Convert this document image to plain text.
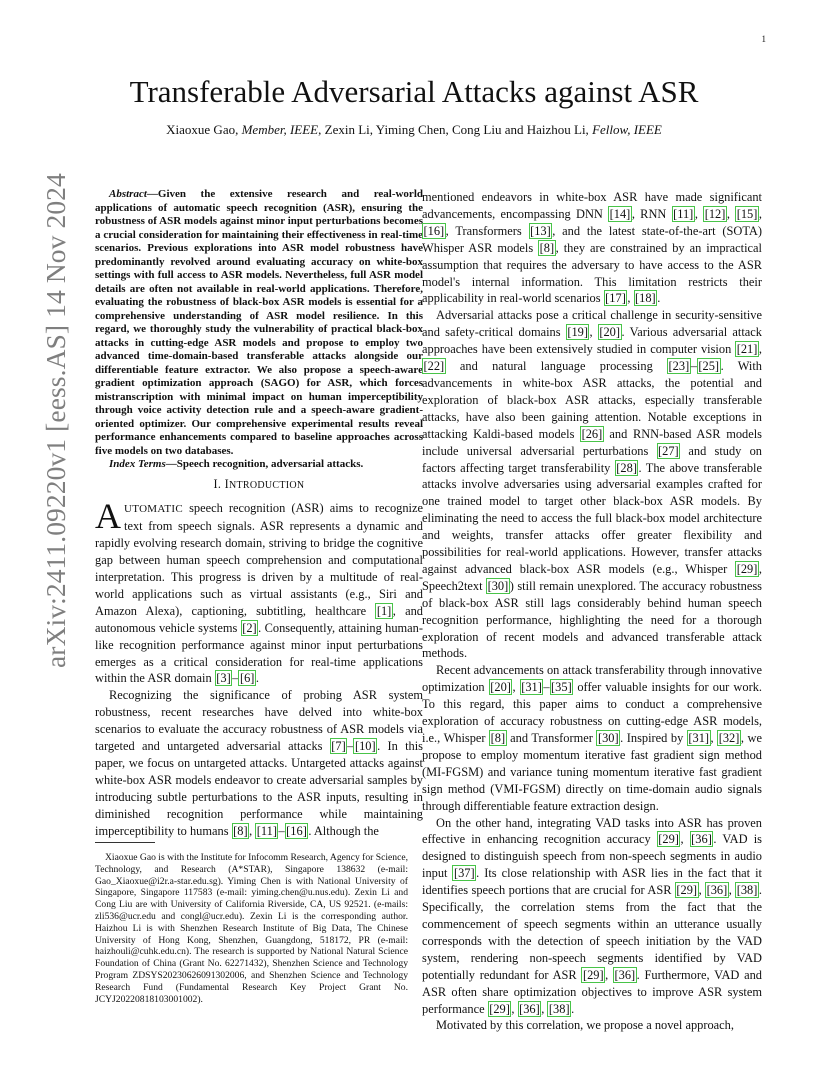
1
arXiv:2411.09220v1 [eess.AS] 14 Nov 2024
Transferable Adversarial Attacks against ASR
Xiaoxue Gao, Member, IEEE, Zexin Li, Yiming Chen, Cong Liu and Haizhou Li, Fellow, IEEE

Abstract—Given the extensive research and real-world applications of automatic speech recognition (ASR), ensuring the robustness of ASR models against minor input perturbations becomes a crucial consideration for maintaining their effectiveness in real-time scenarios. Previous explorations into ASR model robustness have predominantly revolved around evaluating accuracy on white-box settings with full access to ASR models. Nevertheless, full ASR model details are often not available in real-world applications. Therefore, evaluating the robustness of black-box ASR models is essential for a comprehensive understanding of ASR model resilience. In this regard, we thoroughly study the vulnerability of practical black-box attacks in cutting-edge ASR models and propose to employ two advanced time-domain-based transferable attacks alongside our differentiable feature extractor. We also propose a speech-aware gradient optimization approach (SAGO) for ASR, which forces mistranscription with minimal impact on human imperceptibility through voice activity detection rule and a speech-aware gradient-oriented optimizer. Our comprehensive experimental results reveal performance enhancements compared to baseline approaches across five models on two databases.

Index Terms—Speech recognition, adversarial attacks.

I. INTRODUCTION

AUTOMATIC speech recognition (ASR) aims to recognize text from speech signals. ASR represents a dynamic and rapidly evolving research domain, striving to bridge the cognitive gap between human speech comprehension and computational interpretation. This progress is driven by a multitude of real-world applications such as virtual assistants (e.g., Siri and Amazon Alexa), captioning, subtitling, healthcare [1] , and autonomous vehicle systems [2] . Consequently, attaining human-like recognition performance against minor input perturbations emerges as a critical consideration for real-time applications within the ASR domain [3] – [6] .

Recognizing the significance of probing ASR system robustness, recent researches have delved into white-box scenarios to evaluate the accuracy robustness of ASR models via targeted and untargeted adversarial attacks [7] – [10] . In this paper, we focus on untargeted attacks. Untargeted attacks against white-box ASR models endeavor to create adversarial samples by introducing subtle perturbations to the ASR inputs, resulting in diminished recognition performance while maintaining imperceptibility to humans [8] , [11] – [16] . Although the

Xiaoxue Gao is with the Institute for Infocomm Research, Agency for Science, Technology, and Research (A*STAR), Singapore 138632 (e-mail: Gao_Xiaoxue@i2r.a-star.edu.sg). Yiming Chen is with National University of Singapore, Singapore 117583 (e-mail: yiming.chen@u.nus.edu). Zexin Li and Cong Liu are with University of California Riverside, CA, US 92521. (e-mails: zli536@ucr.edu and congl@ucr.edu). Zexin Li is the corresponding author. Haizhou Li is with Shenzhen Research Institute of Big Data, The Chinese University of Hong Kong, Shenzhen, Guangdong, 518172, PR (e-mail: haizhouli@cuhk.edu.cn). The research is supported by National Natural Science Foundation of China (Grant No. 62271432), Shenzhen Science and Technology Program ZDSYS20230626091302006, and Shenzhen Science and Technology Research Fund (Fundamental Research Key Project Grant No. JCYJ20220818103001002).

mentioned endeavors in white-box ASR have made significant advancements, encompassing DNN [14] , RNN [11] , [12] , [15] , [16] , Transformers [13] , and the latest state-of-the-art (SOTA) Whisper ASR models [8] , they are constrained by an impractical assumption that requires the adversary to have access to the ASR model's internal information. This limitation restricts their applicability in real-world scenarios [17] , [18] .

Adversarial attacks pose a critical challenge in security-sensitive and safety-critical domains [19] , [20] . Various adversarial attack approaches have been extensively studied in computer vision [21] , [22] and natural language processing [23] – [25] . With advancements in white-box ASR attacks, the potential and exploration of black-box ASR attacks, especially transferable attacks, have also been gaining attention. Notable exceptions in attacking Kaldi-based models [26] and RNN-based ASR models include universal adversarial perturbations [27] and study on factors affecting target transferability [28] . The above transferable attacks involve adversaries using adversarial examples crafted for one trained model to target other black-box ASR models. By eliminating the need to access the full black-box model architecture and weights, transfer attacks offer greater flexibility and possibilities for real-world applications. However, transfer attacks against advanced black-box ASR models (e.g., Whisper [29] , Speech2text [30] ) still remain unexplored. The accuracy robustness of black-box ASR still lags considerably behind human speech recognition performance, highlighting the need for a thorough exploration of recent models and advanced transferable attack methods.

Recent advancements on attack transferability through innovative optimization [20] , [31] – [35] offer valuable insights for our work. To this regard, this paper aims to conduct a comprehensive exploration of accuracy robustness on cutting-edge ASR models, i.e., Whisper [8] and Transformer [30] . Inspired by [31] , [32] , we propose to employ momentum iterative fast gradient sign method (MI-FGSM) and variance tuning momentum iterative fast gradient sign method (VMI-FGSM) directly on time-domain audio signals through differentiable feature extraction design.

On the other hand, integrating VAD tasks into ASR has proven effective in enhancing recognition accuracy [29] , [36] . VAD is designed to distinguish speech from non-speech segments in audio input [37] . Its close relationship with ASR lies in the fact that it identifies speech portions that are crucial for ASR [29] , [36] , [38] . Specifically, the correlation stems from the fact that the commencement of speech segments within an utterance usually corresponds with the detection of speech initiation by the VAD system, rendering non-speech segments identified by VAD potentially redundant for ASR [29] , [36] . Furthermore, VAD and ASR often share optimization objectives to improve ASR system performance [29] , [36] , [38] .

Motivated by this correlation, we propose a novel approach,
